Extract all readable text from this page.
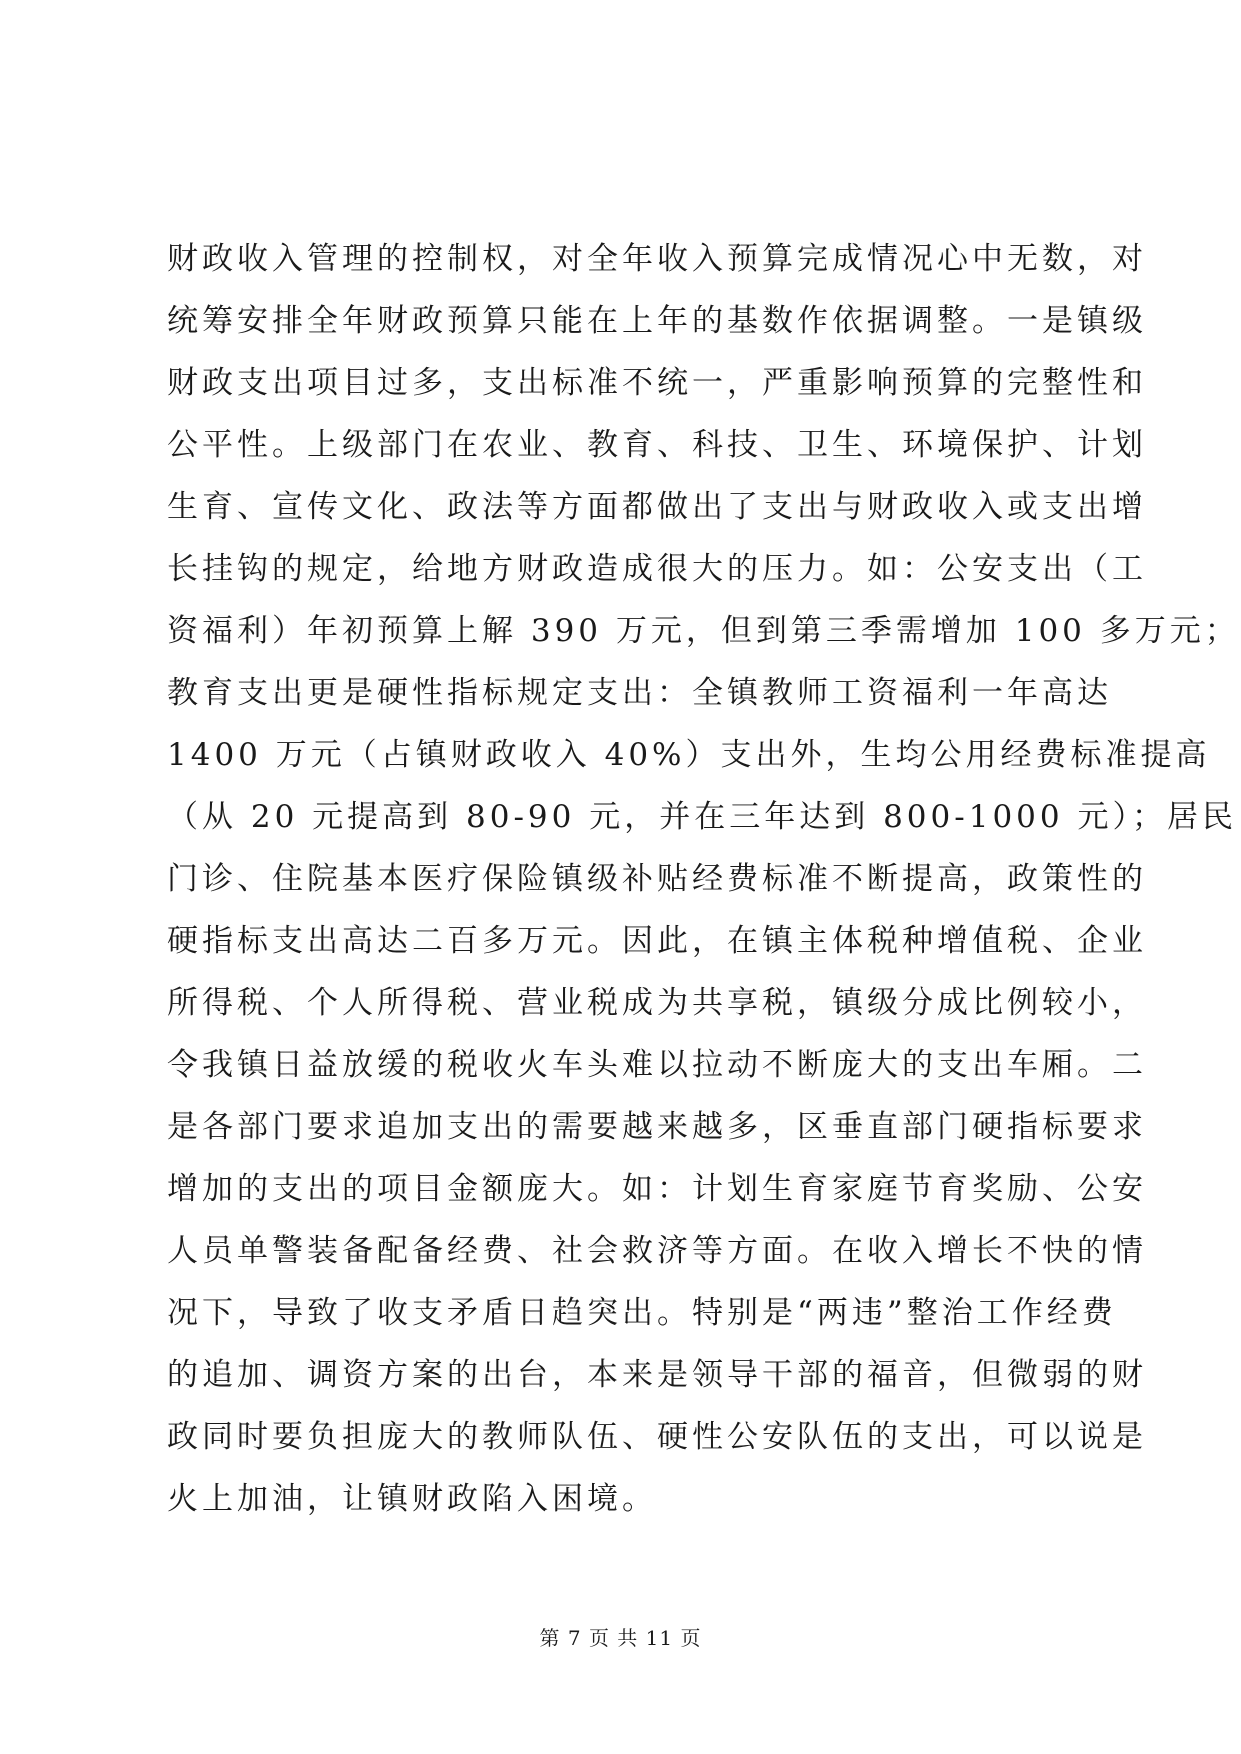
财政收入管理的控制权，对全年收入预算完成情况心中无数，对
统筹安排全年财政预算只能在上年的基数作依据调整。一是镇级
财政支出项目过多，支出标准不统一，严重影响预算的完整性和
公平性。上级部门在农业、教育、科技、卫生、环境保护、计划
生育、宣传文化、政法等方面都做出了支出与财政收入或支出增
长挂钩的规定，给地方财政造成很大的压力。如：公安支出（工
资福利）年初预算上解 390 万元，但到第三季需增加 100 多万元；
教育支出更是硬性指标规定支出：全镇教师工资福利一年高达
1400 万元（占镇财政收入 40%）支出外，生均公用经费标准提高
（从 20 元提高到 80-90 元，并在三年达到 800-1000 元）；居民
门诊、住院基本医疗保险镇级补贴经费标准不断提高，政策性的
硬指标支出高达二百多万元。因此，在镇主体税种增值税、企业
所得税、个人所得税、营业税成为共享税，镇级分成比例较小，
令我镇日益放缓的税收火车头难以拉动不断庞大的支出车厢。二
是各部门要求追加支出的需要越来越多，区垂直部门硬指标要求
增加的支出的项目金额庞大。如：计划生育家庭节育奖励、公安
人员单警装备配备经费、社会救济等方面。在收入增长不快的情
况下，导致了收支矛盾日趋突出。特别是“两违”整治工作经费
的追加、调资方案的出台，本来是领导干部的福音，但微弱的财
政同时要负担庞大的教师队伍、硬性公安队伍的支出，可以说是
火上加油，让镇财政陷入困境。
第 7 页 共 11 页
